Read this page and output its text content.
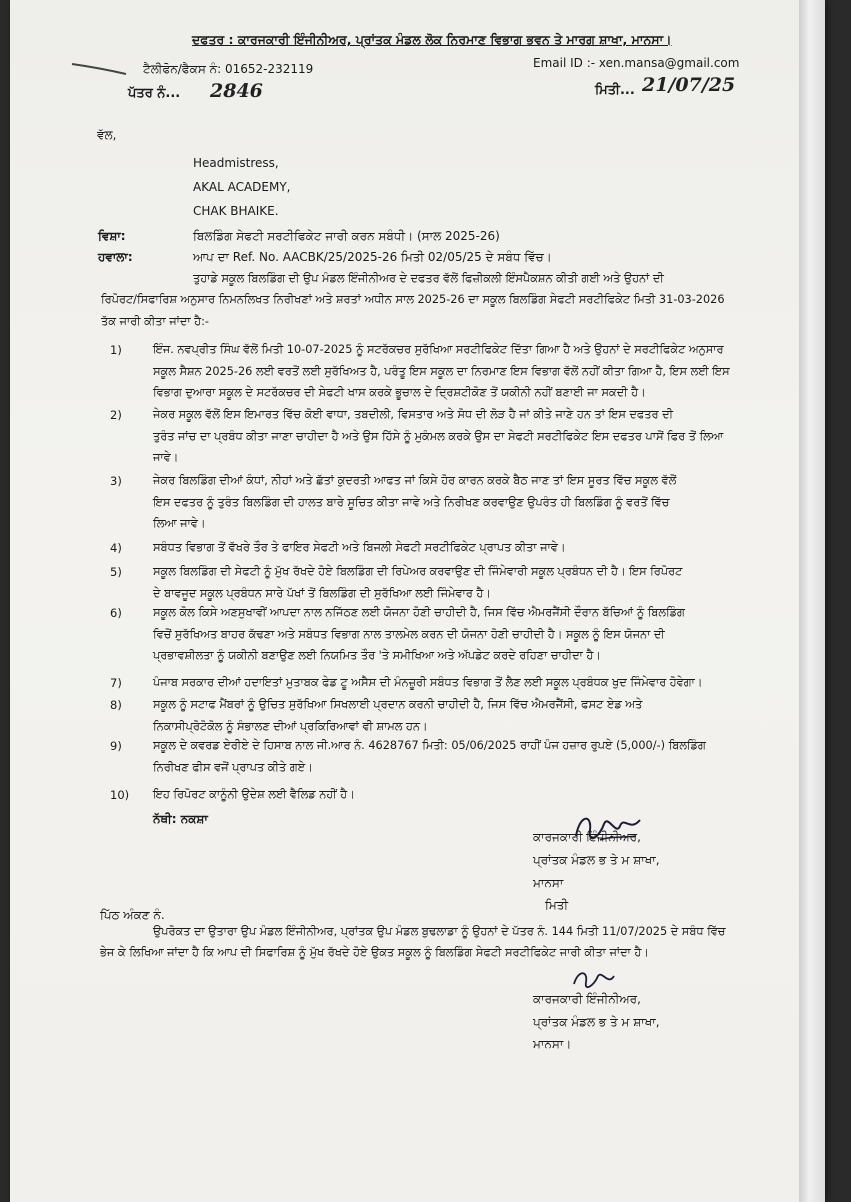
ਦਫਤਰ : ਕਾਰਜਕਾਰੀ ਇੰਜੀਨੀਅਰ, ਪ੍ਰਾਂਤਕ ਮੰਡਲ ਲੋਕ ਨਿਰਮਾਣ ਵਿਭਾਗ ਭਵਨ ਤੇ ਮਾਰਗ ਸ਼ਾਖਾ, ਮਾਨਸਾ।
ਟੈਲੀਫੋਨ/ਫੈਕਸ ਨੰ: 01652-232119	Email ID :- xen.mansa@gmail.com
ਪੱਤਰ ਨੰ... 2846	ਮਿਤੀ... 21/07/25
ਵੱਲ,
Headmistress,
AKAL ACADEMY,
CHAK BHAIKE.
ਵਿਸ਼ਾ:	ਬਿਲਡਿੰਗ ਸੇਫਟੀ ਸਰਟੀਫਿਕੇਟ ਜਾਰੀ ਕਰਨ ਸਬੰਧੀ। (ਸਾਲ 2025-26)
ਹਵਾਲਾ:	ਆਪ ਦਾ Ref. No. AACBK/25/2025-26 ਮਿਤੀ 02/05/25 ਦੇ ਸਬੰਧ ਵਿੱਚ।
ਤੁਹਾਡੇ ਸਕੂਲ ਬਿਲਡਿੰਗ ਦੀ ਉਪ ਮੰਡਲ ਇੰਜੀਨੀਅਰ ਦੇ ਦਫਤਰ ਵੱਲੋਂ ਫਿਜ਼ੀਕਲੀ ਇੰਸਪੈਕਸ਼ਨ ਕੀਤੀ ਗਈ ਅਤੇ ਉਹਨਾਂ ਦੀ
ਰਿਪੋਰਟ/ਸਿਫਾਰਿਸ਼ ਅਨੁਸਾਰ ਨਿਮਨਲਿਖਤ ਨਿਰੀਖਣਾਂ ਅਤੇ ਸ਼ਰਤਾਂ ਅਧੀਨ ਸਾਲ 2025-26 ਦਾ ਸਕੂਲ ਬਿਲਡਿੰਗ ਸੇਫਟੀ ਸਰਟੀਫਿਕੇਟ ਮਿਤੀ 31-03-2026
ਤੱਕ ਜਾਰੀ ਕੀਤਾ ਜਾਂਦਾ ਹੈ:-
1)	ਇੰਜ. ਨਵਪ੍ਰੀਤ ਸਿੰਘ ਵੱਲੋਂ ਮਿਤੀ 10-07-2025 ਨੂੰ ਸਟਰੱਕਚਰ ਸੁਰੱਖਿਆ ਸਰਟੀਫਿਕੇਟ ਦਿੱਤਾ ਗਿਆ ਹੈ ਅਤੇ ਉਹਨਾਂ ਦੇ ਸਰਟੀਫਿਕੇਟ ਅਨੁਸਾਰ
ਸਕੂਲ ਸੈਸ਼ਨ 2025-26 ਲਈ ਵਰਤੋਂ ਲਈ ਸੁਰੱਖਿਅਤ ਹੈ, ਪਰੰਤੂ ਇਸ ਸਕੂਲ ਦਾ ਨਿਰਮਾਣ ਇਸ ਵਿਭਾਗ ਵੱਲੋਂ ਨਹੀਂ ਕੀਤਾ ਗਿਆ ਹੈ, ਇਸ ਲਈ ਇਸ
ਵਿਭਾਗ ਦੁਆਰਾ ਸਕੂਲ ਦੇ ਸਟਰੱਕਚਰ ਦੀ ਸੇਫਟੀ ਖਾਸ ਕਰਕੇ ਭੂਚਾਲ ਦੇ ਦ੍ਰਿਸ਼ਟੀਕੋਣ ਤੋਂ ਯਕੀਨੀ ਨਹੀਂ ਬਣਾਈ ਜਾ ਸਕਦੀ ਹੈ।
2)	ਜੇਕਰ ਸਕੂਲ ਵੱਲੋਂ ਇਸ ਇਮਾਰਤ ਵਿੱਚ ਕੋਈ ਵਾਧਾ, ਤਬਦੀਲੀ, ਵਿਸਤਾਰ ਅਤੇ ਸੋਧ ਦੀ ਲੋੜ ਹੈ ਜਾਂ ਕੀਤੇ ਜਾਣੇ ਹਨ ਤਾਂ ਇਸ ਦਫਤਰ ਦੀ
ਤੁਰੰਤ ਜਾਂਚ ਦਾ ਪ੍ਰਬੰਧ ਕੀਤਾ ਜਾਣਾ ਚਾਹੀਦਾ ਹੈ ਅਤੇ ਉਸ ਹਿੱਸੇ ਨੂੰ ਮੁਕੰਮਲ ਕਰਕੇ ਉਸ ਦਾ ਸੇਫਟੀ ਸਰਟੀਫਿਕੇਟ ਇਸ ਦਫਤਰ ਪਾਸੋਂ ਫਿਰ ਤੋਂ ਲਿਆ
ਜਾਵੇ।
3)	ਜੇਕਰ ਬਿਲਡਿੰਗ ਦੀਆਂ ਕੰਧਾਂ, ਨੀਹਾਂ ਅਤੇ ਛੱਤਾਂ ਕੁਦਰਤੀ ਆਫਤ ਜਾਂ ਕਿਸੇ ਹੋਰ ਕਾਰਨ ਕਰਕੇ ਬੈਠ ਜਾਣ ਤਾਂ ਇਸ ਸੂਰਤ ਵਿੱਚ ਸਕੂਲ ਵੱਲੋਂ
ਇਸ ਦਫਤਰ ਨੂੰ ਤੁਰੰਤ ਬਿਲਡਿੰਗ ਦੀ ਹਾਲਤ ਬਾਰੇ ਸੂਚਿਤ ਕੀਤਾ ਜਾਵੇ ਅਤੇ ਨਿਰੀਖਣ ਕਰਵਾਉਣ ਉਪਰੰਤ ਹੀ ਬਿਲਡਿੰਗ ਨੂੰ ਵਰਤੋਂ ਵਿੱਚ
ਲਿਆ ਜਾਵੇ।
4)	ਸਬੰਧਤ ਵਿਭਾਗ ਤੋਂ ਵੱਖਰੇ ਤੌਰ ਤੇ ਫਾਇਰ ਸੇਫਟੀ ਅਤੇ ਬਿਜਲੀ ਸੇਫਟੀ ਸਰਟੀਫਿਕੇਟ ਪ੍ਰਾਪਤ ਕੀਤਾ ਜਾਵੇ।
5)	ਸਕੂਲ ਬਿਲਡਿੰਗ ਦੀ ਸੇਫਟੀ ਨੂੰ ਮੁੱਖ ਰੱਖਦੇ ਹੋਏ ਬਿਲਡਿੰਗ ਦੀ ਰਿਪੇਅਰ ਕਰਵਾਉਣ ਦੀ ਜਿੰਮੇਵਾਰੀ ਸਕੂਲ ਪ੍ਰਬੰਧਨ ਦੀ ਹੈ। ਇਸ ਰਿਪੋਰਟ
ਦੇ ਬਾਵਜੂਦ ਸਕੂਲ ਪ੍ਰਬੰਧਨ ਸਾਰੇ ਪੱਖਾਂ ਤੋਂ ਬਿਲਡਿੰਗ ਦੀ ਸੁਰੱਖਿਆ ਲਈ ਜਿੰਮੇਵਾਰ ਹੈ।
6)	ਸਕੂਲ ਕੋਲ ਕਿਸੇ ਅਣਸੁਖਾਵੀਂ ਆਪਦਾ ਨਾਲ ਨਜਿੱਠਣ ਲਈ ਯੋਜਨਾ ਹੋਣੀ ਚਾਹੀਦੀ ਹੈ, ਜਿਸ ਵਿੱਚ ਐਮਰਜੈਂਸੀ ਦੌਰਾਨ ਬੱਚਿਆਂ ਨੂੰ ਬਿਲਡਿੰਗ
ਵਿਚੋਂ ਸੁਰੱਖਿਅਤ ਬਾਹਰ ਕੱਢਣਾ ਅਤੇ ਸਬੰਧਤ ਵਿਭਾਗ ਨਾਲ ਤਾਲਮੇਲ ਕਰਨ ਦੀ ਯੋਜਨਾ ਹੋਣੀ ਚਾਹੀਦੀ ਹੈ। ਸਕੂਲ ਨੂੰ ਇਸ ਯੋਜਨਾ ਦੀ
ਪ੍ਰਭਾਵਸ਼ੀਲਤਾ ਨੂੰ ਯਕੀਨੀ ਬਣਾਉਣ ਲਈ ਨਿਯਮਿਤ ਤੌਰ 'ਤੇ ਸਮੀਖਿਆ ਅਤੇ ਅੱਪਡੇਟ ਕਰਦੇ ਰਹਿਣਾ ਚਾਹੀਦਾ ਹੈ।
7)	ਪੰਜਾਬ ਸਰਕਾਰ ਦੀਆਂ ਹਦਾਇਤਾਂ ਮੁਤਾਬਕ ਫੇਡ ਟੂ ਅਸੈਸ ਦੀ ਮੰਨਜ਼ੂਰੀ ਸਬੰਧਤ ਵਿਭਾਗ ਤੋਂ ਲੈਣ ਲਈ ਸਕੂਲ ਪ੍ਰਬੰਧਕ ਖੁਦ ਜਿੰਮੇਵਾਰ ਹੋਵੇਗਾ।
8)	ਸਕੂਲ ਨੂੰ ਸਟਾਫ ਮੈਂਬਰਾਂ ਨੂੰ ਉਚਿਤ ਸੁਰੱਖਿਆ ਸਿਖਲਾਈ ਪ੍ਰਦਾਨ ਕਰਨੀ ਚਾਹੀਦੀ ਹੈ, ਜਿਸ ਵਿੱਚ ਐਮਰਜੈਂਸੀ, ਫਸਟ ਏਡ ਅਤੇ
ਨਿਕਾਸੀਪ੍ਰੋਟੋਕੋਲ ਨੂੰ ਸੰਭਾਲਣ ਦੀਆਂ ਪ੍ਰਕਿਰਿਆਵਾਂ ਵੀ ਸ਼ਾਮਲ ਹਨ।
9)	ਸਕੂਲ ਦੇ ਕਵਰਡ ਏਰੀਏ ਦੇ ਹਿਸਾਬ ਨਾਲ ਜੀ.ਆਰ ਨੰ. 4628767 ਮਿਤੀ: 05/06/2025 ਰਾਹੀਂ ਪੰਜ ਹਜ਼ਾਰ ਰੁਪਏ (5,000/-) ਬਿਲਡਿੰਗ
ਨਿਰੀਖਣ ਫੀਸ ਵਜੋਂ ਪ੍ਰਾਪਤ ਕੀਤੇ ਗਏ।
10) ਇਹ ਰਿਪੋਰਟ ਕਾਨੂੰਨੀ ਉਦੇਸ਼ ਲਈ ਵੈਲਿਡ ਨਹੀਂ ਹੈ।
ਨੱਥੀ: ਨਕਸ਼ਾ
ਕਾਰਜਕਾਰੀ ਇੰਜੀਨੀਅਰ,
ਪ੍ਰਾਂਤਕ ਮੰਡਲ ਭ ਤੇ ਮ ਸ਼ਾਖਾ,
ਮਾਨਸਾ
ਮਿਤੀ
ਪਿੱਠ ਅੰਕਣ ਨੰ.
ਉਪਰੋਕਤ ਦਾ ਉਤਾਰਾ ਉਪ ਮੰਡਲ ਇੰਜੀਨੀਅਰ, ਪ੍ਰਾਂਤਕ ਉਪ ਮੰਡਲ ਬੁਢਲਾਡਾ ਨੂੰ ਉਹਨਾਂ ਦੇ ਪੱਤਰ ਨੰ. 144 ਮਿਤੀ 11/07/2025 ਦੇ ਸਬੰਧ ਵਿੱਚ
ਭੇਜ ਕੇ ਲਿਖਿਆ ਜਾਂਦਾ ਹੈ ਕਿ ਆਪ ਦੀ ਸਿਫਾਰਿਸ਼ ਨੂੰ ਮੁੱਖ ਰੱਖਦੇ ਹੋਏ ਉਕਤ ਸਕੂਲ ਨੂੰ ਬਿਲਡਿੰਗ ਸੇਫਟੀ ਸਰਟੀਫਿਕੇਟ ਜਾਰੀ ਕੀਤਾ ਜਾਂਦਾ ਹੈ।
ਕਾਰਜਕਾਰੀ ਇੰਜੀਨੀਅਰ,
ਪ੍ਰਾਂਤਕ ਮੰਡਲ ਭ ਤੇ ਮ ਸ਼ਾਖਾ,
ਮਾਨਸਾ।
